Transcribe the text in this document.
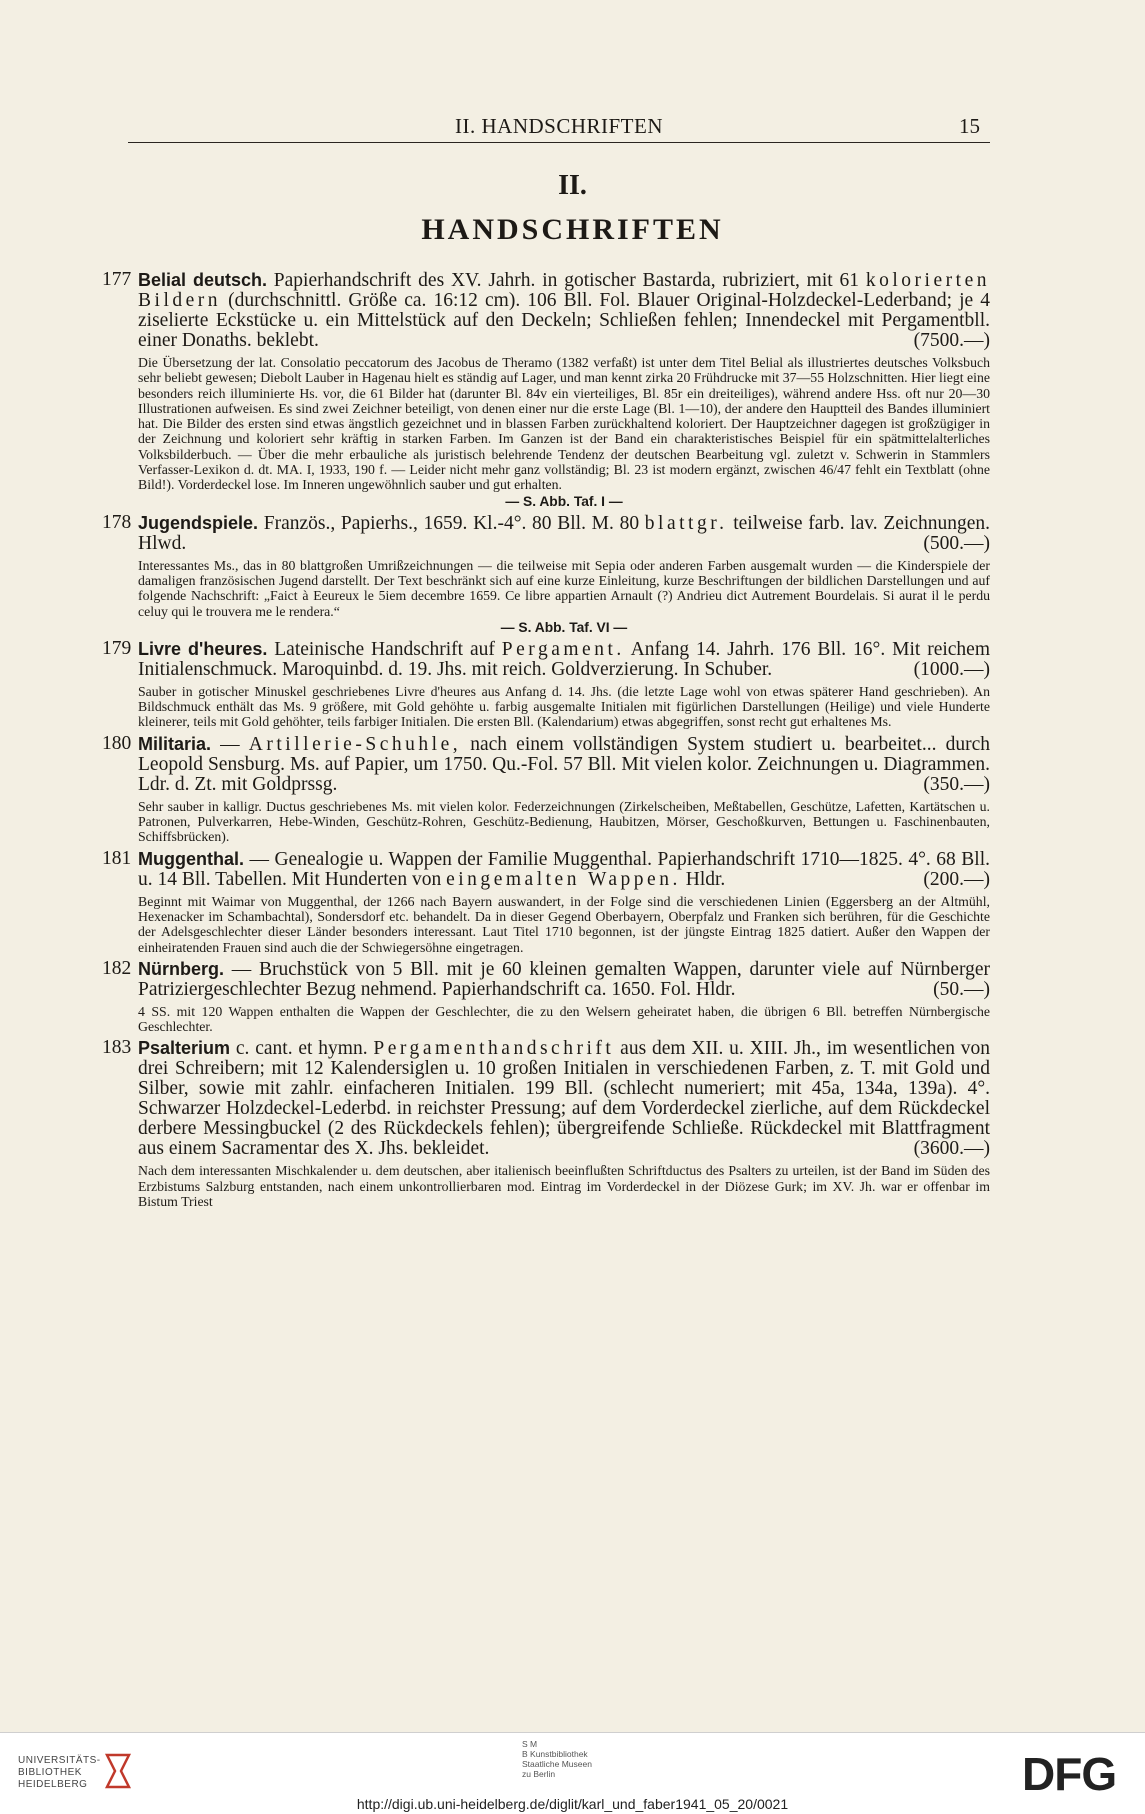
II. HANDSCHRIFTEN	15
II.
HANDSCHRIFTEN
177 Belial deutsch. Papierhandschrift des XV. Jahrh. in gotischer Bastarda, rubriziert, mit 61 kolorierten Bildern (durchschnittl. Größe ca. 16:12 cm). 106 Bll. Fol. Blauer Original-Holzdeckel-Lederband; je 4 ziselierte Eckstücke u. ein Mittelstück auf den Deckeln; Schließen fehlen; Innendeckel mit Pergamentbll. einer Donaths. beklebt.	(7500.—)
Die Übersetzung der lat. Consolatio peccatorum des Jacobus de Theramo (1382 verfaßt) ist unter dem Titel Belial als illustriertes deutsches Volksbuch sehr beliebt gewesen; Diebolt Lauber in Hagenau hielt es ständig auf Lager, und man kennt zirka 20 Frühdrucke mit 37—55 Holzschnitten. Hier liegt eine besonders reich illuminierte Hs. vor, die 61 Bilder hat (darunter Bl. 84v ein vierteiliges, Bl. 85r ein dreiteiliges), während andere Hss. oft nur 20—30 Illustrationen aufweisen. Es sind zwei Zeichner beteiligt, von denen einer nur die erste Lage (Bl. 1—10), der andere den Hauptteil des Bandes illuminiert hat. Die Bilder des ersten sind etwas ängstlich gezeichnet und in blassen Farben zurückhaltend koloriert. Der Hauptzeichner dagegen ist großzügiger in der Zeichnung und koloriert sehr kräftig in starken Farben. Im Ganzen ist der Band ein charakteristisches Beispiel für ein spätmittelalterliches Volksbilderbuch. — Über die mehr erbauliche als juristisch belehrende Tendenz der deutschen Bearbeitung vgl. zuletzt v. Schwerin in Stammlers Verfasser-Lexikon d. dt. MA. I, 1933, 190 f. — Leider nicht mehr ganz vollständig; Bl. 23 ist modern ergänzt, zwischen 46/47 fehlt ein Textblatt (ohne Bild!). Vorderdeckel lose. Im Inneren ungewöhnlich sauber und gut erhalten.
— S. Abb. Taf. I —
178 Jugendspiele. Französ., Papierhs., 1659. Kl.-4°. 80 Bll. M. 80 blattgr. teilweise farb. lav. Zeichnungen. Hlwd.	(500.—)
Interessantes Ms., das in 80 blattgroßen Umrißzeichnungen — die teilweise mit Sepia oder anderen Farben ausgemalt wurden — die Kinderspiele der damaligen französischen Jugend darstellt. Der Text beschränkt sich auf eine kurze Einleitung, kurze Beschriftungen der bildlichen Darstellungen und auf folgende Nachschrift: „Faict à Eeureux le 5iem decembre 1659. Ce libre appartien Arnault (?) Andrieu dict Autrement Bourdelais. Si aurat il le perdu celuy qui le trouvera me le rendera.“
— S. Abb. Taf. VI —
179 Livre d'heures. Lateinische Handschrift auf Pergament. Anfang 14. Jahrh. 176 Bll. 16°. Mit reichem Initialenschmuck. Maroquinbd. d. 19. Jhs. mit reich. Goldverzierung. In Schuber.	(1000.—)
Sauber in gotischer Minuskel geschriebenes Livre d'heures aus Anfang d. 14. Jhs. (die letzte Lage wohl von etwas späterer Hand geschrieben). An Bildschmuck enthält das Ms. 9 größere, mit Gold gehöhte u. farbig ausgemalte Initialen mit figürlichen Darstellungen (Heilige) und viele Hunderte kleinerer, teils mit Gold gehöhter, teils farbiger Initialen. Die ersten Bll. (Kalendarium) etwas abgegriffen, sonst recht gut erhaltenes Ms.
180 Militaria. — Artillerie-Schuhle, nach einem vollständigen System studiert u. bearbeitet... durch Leopold Sensburg. Ms. auf Papier, um 1750. Qu.-Fol. 57 Bll. Mit vielen kolor. Zeichnungen u. Diagrammen. Ldr. d. Zt. mit Goldprssg.	(350.—)
Sehr sauber in kalligr. Ductus geschriebenes Ms. mit vielen kolor. Federzeichnungen (Zirkelscheiben, Meßtabellen, Geschütze, Lafetten, Kartätschen u. Patronen, Pulverkarren, Hebe-Winden, Geschütz-Rohren, Geschütz-Bedienung, Haubitzen, Mörser, Geschoßkurven, Bettungen u. Faschinenbauten, Schiffsbrücken).
181 Muggenthal. — Genealogie u. Wappen der Familie Muggenthal. Papierhandschrift 1710—1825. 4°. 68 Bll. u. 14 Bll. Tabellen. Mit Hunderten von eingemalten Wappen. Hldr.	(200.—)
Beginnt mit Waimar von Muggenthal, der 1266 nach Bayern auswandert, in der Folge sind die verschiedenen Linien (Eggersberg an der Altmühl, Hexenacker im Schambachtal), Sondersdorf etc. behandelt. Da in dieser Gegend Oberbayern, Oberpfalz und Franken sich berühren, für die Geschichte der Adelsgeschlechter dieser Länder besonders interessant. Laut Titel 1710 begonnen, ist der jüngste Eintrag 1825 datiert. Außer den Wappen der einheiratenden Frauen sind auch die der Schwiegersöhne eingetragen.
182 Nürnberg. — Bruchstück von 5 Bll. mit je 60 kleinen gemalten Wappen, darunter viele auf Nürnberger Patriziergeschlechter Bezug nehmend. Papierhandschrift ca. 1650. Fol. Hldr.	(50.—)
4 SS. mit 120 Wappen enthalten die Wappen der Geschlechter, die zu den Welsern geheiratet haben, die übrigen 6 Bll. betreffen Nürnbergische Geschlechter.
183 Psalterium c. cant. et hymn. Pergamenthandschrift aus dem XII. u. XIII. Jh., im wesentlichen von drei Schreibern; mit 12 Kalendersiglen u. 10 großen Initialen in verschiedenen Farben, z. T. mit Gold und Silber, sowie mit zahlr. einfacheren Initialen. 199 Bll. (schlecht numeriert; mit 45a, 134a, 139a). 4°. Schwarzer Holzdeckel-Lederbd. in reichster Pressung; auf dem Vorderdeckel zierliche, auf dem Rückdeckel derbere Messingbuckel (2 des Rückdeckels fehlen); übergreifende Schließe. Rückdeckel mit Blattfragment aus einem Sacramentar des X. Jhs. bekleidet.	(3600.—)
Nach dem interessanten Mischkalender u. dem deutschen, aber italienisch beeinflußten Schriftductus des Psalters zu urteilen, ist der Band im Süden des Erzbistums Salzburg entstanden, nach einem unkontrollierbaren mod. Eintrag im Vorderdeckel in der Diözese Gurk; im XV. Jh. war er offenbar im Bistum Triest
UNIVERSITÄTS-
BIBLIOTHEK
HEIDELBERG
S M
B Kunstbibliothek
Staatliche Museen
zu Berlin	DFG
http://digi.ub.uni-heidelberg.de/diglit/karl_und_faber1941_05_20/0021
